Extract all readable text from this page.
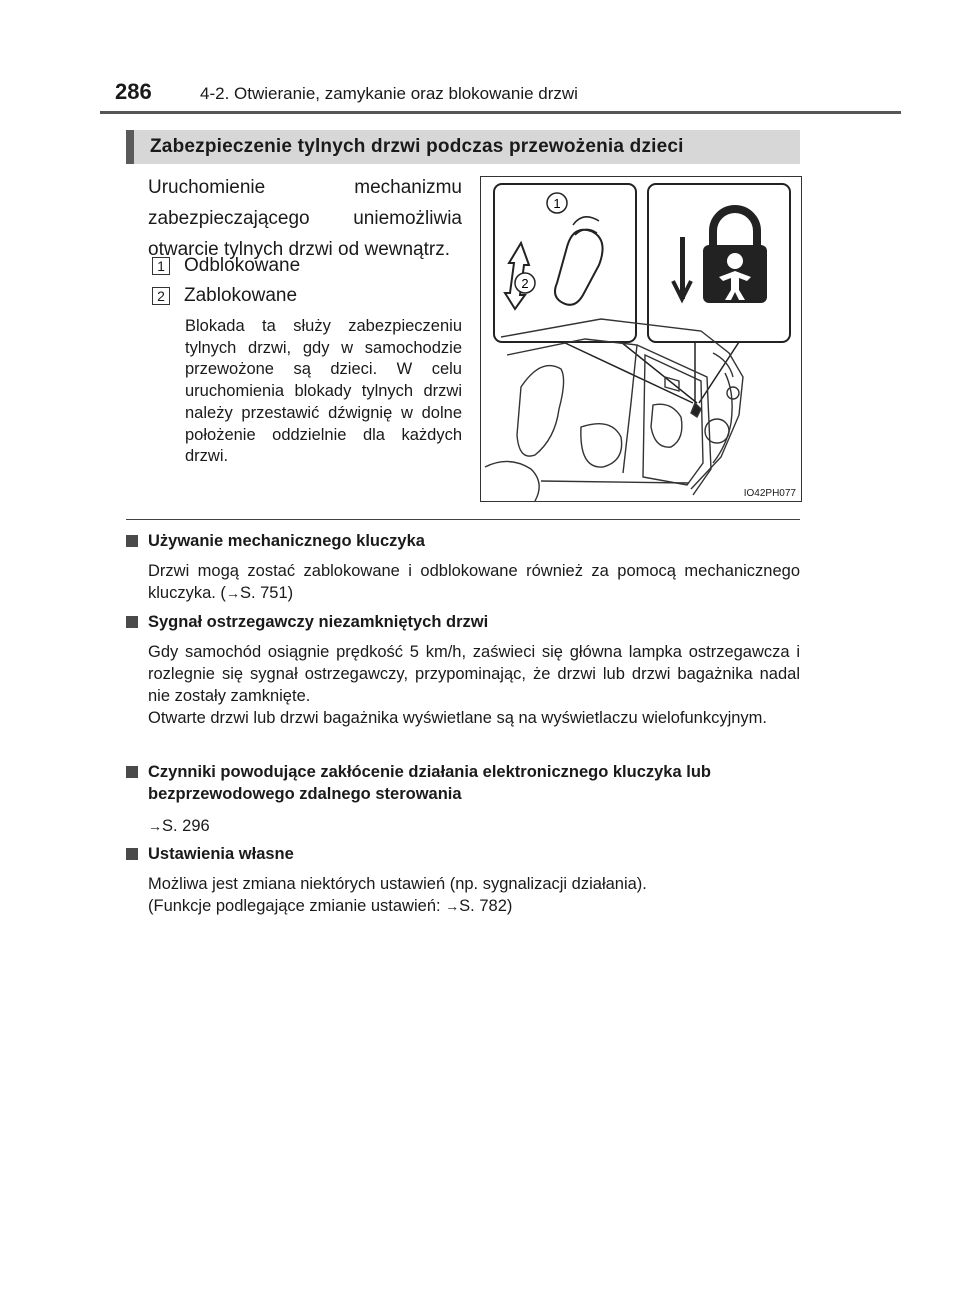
286	4-2. Otwieranie, zamykanie oraz blokowanie drzwi
Zabezpieczenie tylnych drzwi podczas przewożenia dzieci
Uruchomienie mechanizmu zabezpieczającego uniemożliwia otwarcie tylnych drzwi od wewnątrz.
1 Odblokowane
2 Zablokowane
Blokada ta służy zabezpieczeniu tylnych drzwi, gdy w samochodzie przewożone są dzieci. W celu uruchomienia blokady tylnych drzwi należy przestawić dźwignię w dolne położenie oddzielnie dla każdych drzwi.
1
2
IO42PH077
Używanie mechanicznego kluczyka
Drzwi mogą zostać zablokowane i odblokowane również za pomocą mechanicznego kluczyka. (→S. 751)
Sygnał ostrzegawczy niezamkniętych drzwi
Gdy samochód osiągnie prędkość 5 km/h, zaświeci się główna lampka ostrzegawcza i rozlegnie się sygnał ostrzegawczy, przypominając, że drzwi lub drzwi bagażnika nadal nie zostały zamknięte.
Otwarte drzwi lub drzwi bagażnika wyświetlane są na wyświetlaczu wielofunkcyjnym.
Czynniki powodujące zakłócenie działania elektronicznego kluczyka lub bezprzewodowego zdalnego sterowania
→S. 296
Ustawienia własne
Możliwa jest zmiana niektórych ustawień (np. sygnalizacji działania).
(Funkcje podlegające zmianie ustawień: →S. 782)
